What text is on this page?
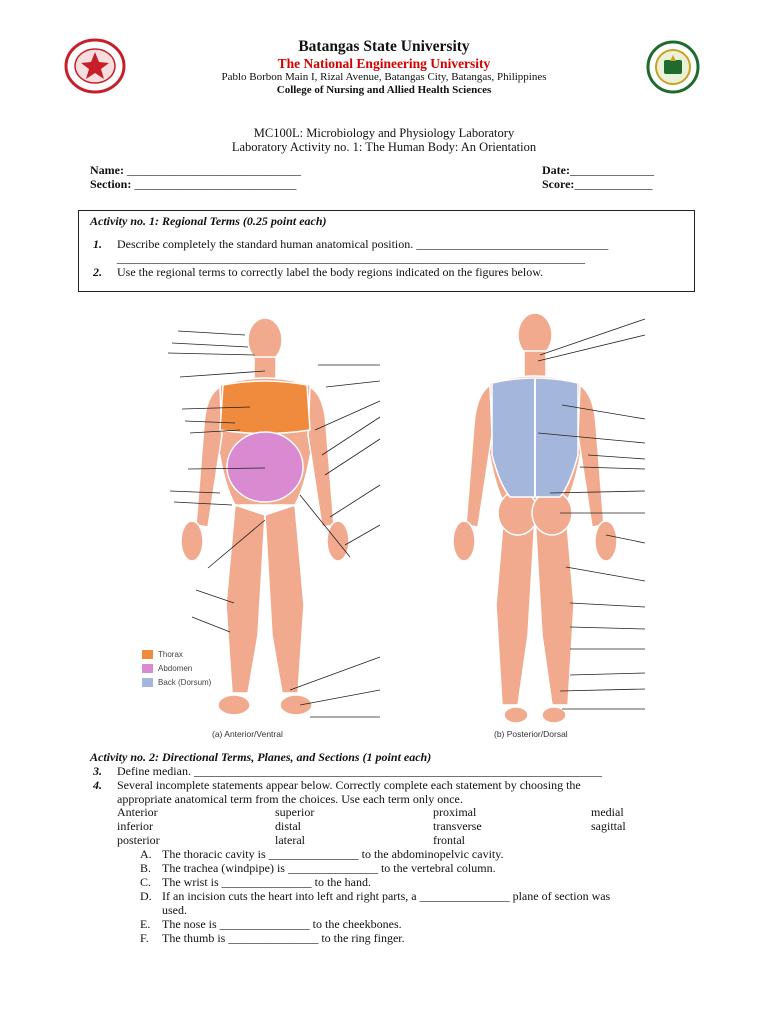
Batangas State University
The National Engineering University
Pablo Borbon Main I, Rizal Avenue, Batangas City, Batangas, Philippines
College of Nursing and Allied Health Sciences
MC100L: Microbiology and Physiology Laboratory
Laboratory Activity no. 1: The Human Body: An Orientation
Name: _____________________________
Section: ___________________________
Date:______________
Score:_____________
Activity no. 1: Regional Terms (0.25 point each)
1. Describe completely the standard human anatomical position. ________________________________
______________________________________________________________________________
2. Use the regional terms to correctly label the body regions indicated on the figures below.
Thorax
Abdomen
Back (Dorsum)
(a) Anterior/Ventral	(b) Posterior/Dorsal
Activity no. 2: Directional Terms, Planes, and Sections (1 point each)
3. Define median. ____________________________________________________________________
4. Several incomplete statements appear below. Correctly complete each statement by choosing the
appropriate anatomical term from the choices. Use each term only once.
Anterior	superior	proximal	medial
inferior	distal	transverse	sagittal
posterior	lateral	frontal
A. The thoracic cavity is _______________ to the abdominopelvic cavity.
B. The trachea (windpipe) is _______________ to the vertebral column.
C. The wrist is _______________ to the hand.
D. If an incision cuts the heart into left and right parts, a _______________ plane of section was
used.
E. The nose is _______________ to the cheekbones.
F. The thumb is _______________ to the ring finger.
